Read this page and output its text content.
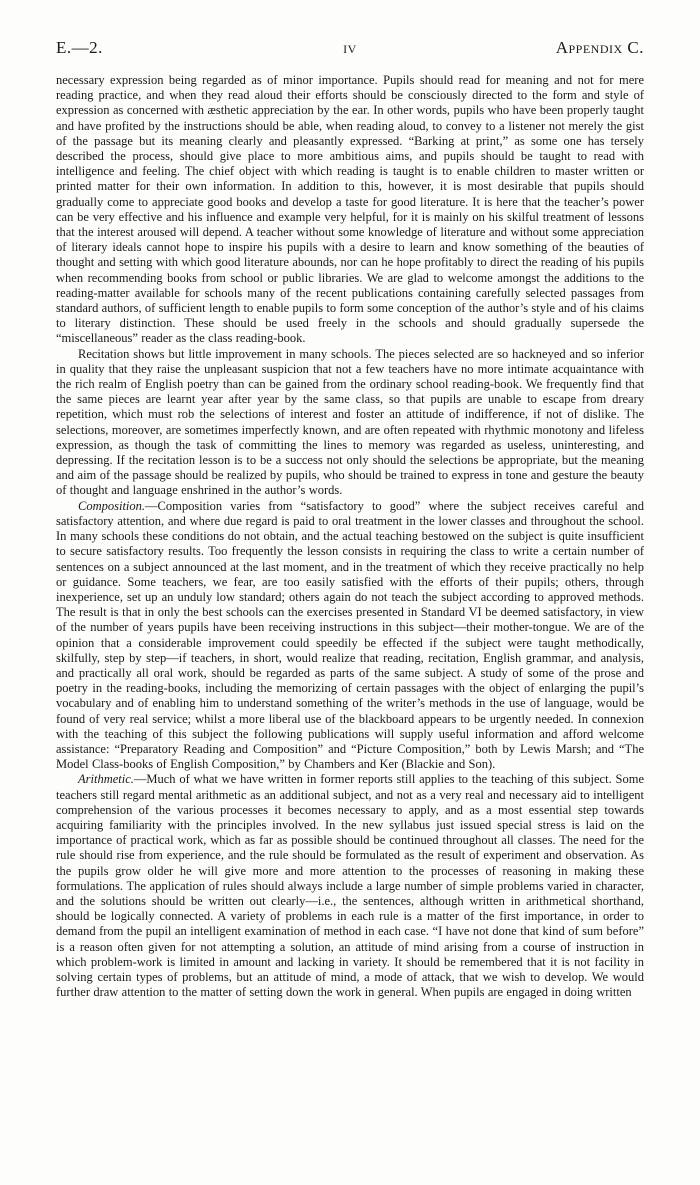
E.—2.	iv	Appendix C.

necessary expression being regarded as of minor importance. Pupils should read for meaning and not for mere reading practice, and when they read aloud their efforts should be consciously directed to the form and style of expression as concerned with æsthetic appreciation by the ear. In other words, pupils who have been properly taught and have profited by the instructions should be able, when reading aloud, to convey to a listener not merely the gist of the passage but its meaning clearly and pleasantly expressed. “Barking at print,” as some one has tersely described the process, should give place to more ambitious aims, and pupils should be taught to read with intelligence and feeling. The chief object with which reading is taught is to enable children to master written or printed matter for their own information. In addition to this, however, it is most desirable that pupils should gradually come to appreciate good books and develop a taste for good literature. It is here that the teacher’s power can be very effective and his influence and example very helpful, for it is mainly on his skilful treatment of lessons that the interest aroused will depend. A teacher without some knowledge of literature and without some appreciation of literary ideals cannot hope to inspire his pupils with a desire to learn and know something of the beauties of thought and setting with which good literature abounds, nor can he hope profitably to direct the reading of his pupils when recommending books from school or public libraries. We are glad to welcome amongst the additions to the reading-matter available for schools many of the recent publications containing carefully selected passages from standard authors, of sufficient length to enable pupils to form some conception of the author’s style and of his claims to literary distinction. These should be used freely in the schools and should gradually supersede the “miscellaneous” reader as the class reading-book.

Recitation shows but little improvement in many schools. The pieces selected are so hackneyed and so inferior in quality that they raise the unpleasant suspicion that not a few teachers have no more intimate acquaintance with the rich realm of English poetry than can be gained from the ordinary school reading-book. We frequently find that the same pieces are learnt year after year by the same class, so that pupils are unable to escape from dreary repetition, which must rob the selections of interest and foster an attitude of indifference, if not of dislike. The selections, moreover, are sometimes imperfectly known, and are often repeated with rhythmic monotony and lifeless expression, as though the task of committing the lines to memory was regarded as useless, uninteresting, and depressing. If the recitation lesson is to be a success not only should the selections be appropriate, but the meaning and aim of the passage should be realized by pupils, who should be trained to express in tone and gesture the beauty of thought and language enshrined in the author’s words.

Composition.—Composition varies from “satisfactory to good” where the subject receives careful and satisfactory attention, and where due regard is paid to oral treatment in the lower classes and throughout the school. In many schools these conditions do not obtain, and the actual teaching bestowed on the subject is quite insufficient to secure satisfactory results. Too frequently the lesson consists in requiring the class to write a certain number of sentences on a subject announced at the last moment, and in the treatment of which they receive practically no help or guidance. Some teachers, we fear, are too easily satisfied with the efforts of their pupils; others, through inexperience, set up an unduly low standard; others again do not teach the subject according to approved methods. The result is that in only the best schools can the exercises presented in Standard VI be deemed satisfactory, in view of the number of years pupils have been receiving instructions in this subject—their mother-tongue. We are of the opinion that a considerable improvement could speedily be effected if the subject were taught methodically, skilfully, step by step—if teachers, in short, would realize that reading, recitation, English grammar, and analysis, and practically all oral work, should be regarded as parts of the same subject. A study of some of the prose and poetry in the reading-books, including the memorizing of certain passages with the object of enlarging the pupil’s vocabulary and of enabling him to understand something of the writer’s methods in the use of language, would be found of very real service; whilst a more liberal use of the blackboard appears to be urgently needed. In connexion with the teaching of this subject the following publications will supply useful information and afford welcome assistance: “Preparatory Reading and Composition” and “Picture Composition,” both by Lewis Marsh; and “The Model Class-books of English Composition,” by Chambers and Ker (Blackie and Son).

Arithmetic.—Much of what we have written in former reports still applies to the teaching of this subject. Some teachers still regard mental arithmetic as an additional subject, and not as a very real and necessary aid to intelligent comprehension of the various processes it becomes necessary to apply, and as a most essential step towards acquiring familiarity with the principles involved. In the new syllabus just issued special stress is laid on the importance of practical work, which as far as possible should be continued throughout all classes. The need for the rule should rise from experience, and the rule should be formulated as the result of experiment and observation. As the pupils grow older he will give more and more attention to the processes of reasoning in making these formulations. The application of rules should always include a large number of simple problems varied in character, and the solutions should be written out clearly—i.e., the sentences, although written in arithmetical shorthand, should be logically connected. A variety of problems in each rule is a matter of the first importance, in order to demand from the pupil an intelligent examination of method in each case. “I have not done that kind of sum before” is a reason often given for not attempting a solution, an attitude of mind arising from a course of instruction in which problem-work is limited in amount and lacking in variety. It should be remembered that it is not facility in solving certain types of problems, but an attitude of mind, a mode of attack, that we wish to develop. We would further draw attention to the matter of setting down the work in general. When pupils are engaged in doing written
